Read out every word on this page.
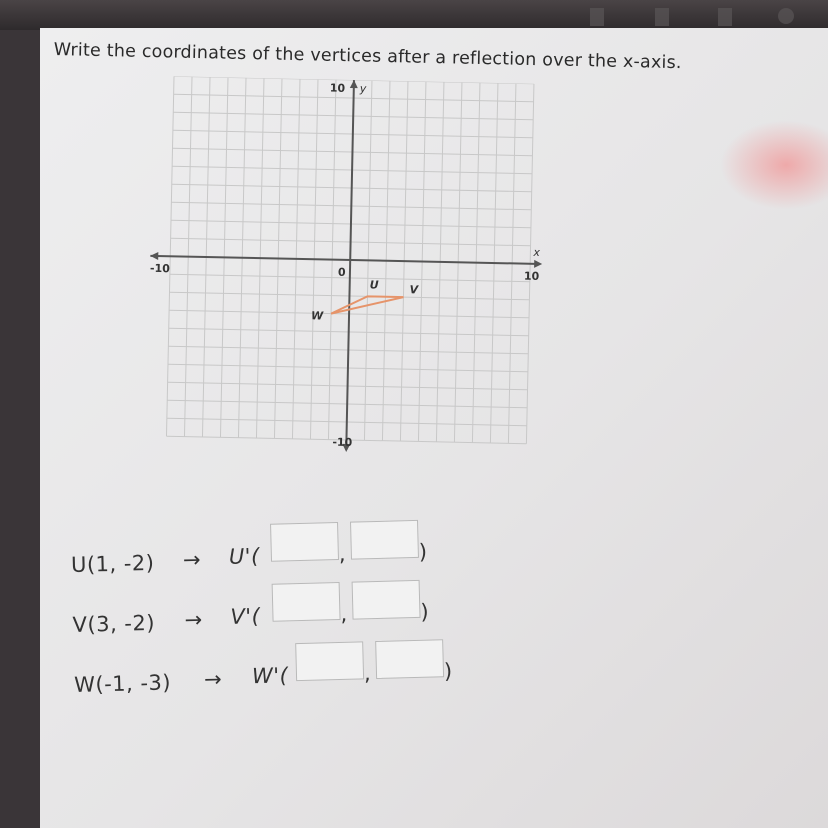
Write the coordinates of the vertices after a reflection over the x-axis.
x
y
10
-10	0	10
-10
U	V
W
U(1, -2) → U'(	,	)
V(3, -2) → V'(	,	)
W(-1, -3) → W'(	,	)
